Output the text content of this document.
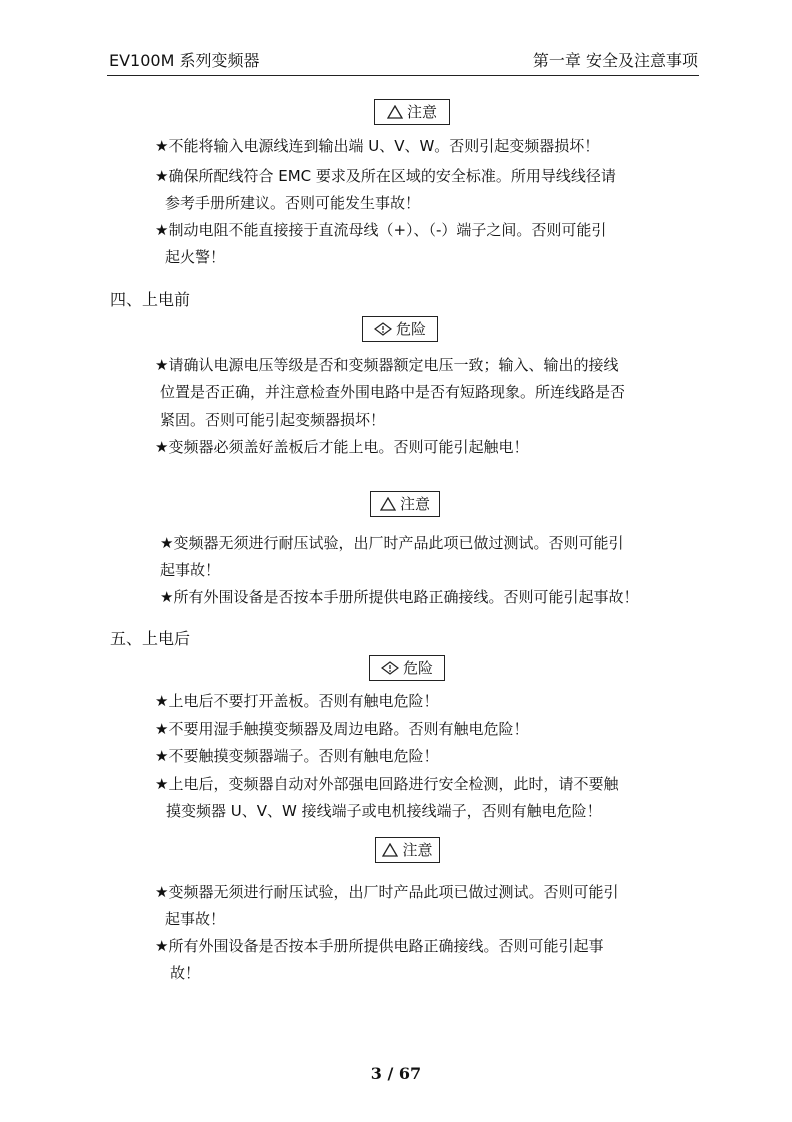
EV100M 系列变频器	第一章 安全及注意事项
注意
★不能将输入电源线连到输出端 U、V、W。否则引起变频器损坏！
★确保所配线符合 EMC 要求及所在区域的安全标准。所用导线线径请
参考手册所建议。否则可能发生事故！
★制动电阻不能直接接于直流母线（+）、（-）端子之间。否则可能引
起火警！
四、上电前
危险
★请确认电源电压等级是否和变频器额定电压一致；输入、输出的接线
位置是否正确，并注意检查外围电路中是否有短路现象。所连线路是否
紧固。否则可能引起变频器损坏！
★变频器必须盖好盖板后才能上电。否则可能引起触电！
注意
★变频器无须进行耐压试验，出厂时产品此项已做过测试。否则可能引
起事故！
★所有外围设备是否按本手册所提供电路正确接线。否则可能引起事故！
五、上电后
危险
★上电后不要打开盖板。否则有触电危险！
★不要用湿手触摸变频器及周边电路。否则有触电危险！
★不要触摸变频器端子。否则有触电危险！
★上电后，变频器自动对外部强电回路进行安全检测，此时，请不要触
摸变频器 U、V、W 接线端子或电机接线端子，否则有触电危险！
注意
★变频器无须进行耐压试验，出厂时产品此项已做过测试。否则可能引
起事故！
★所有外围设备是否按本手册所提供电路正确接线。否则可能引起事
故！
3 / 67
